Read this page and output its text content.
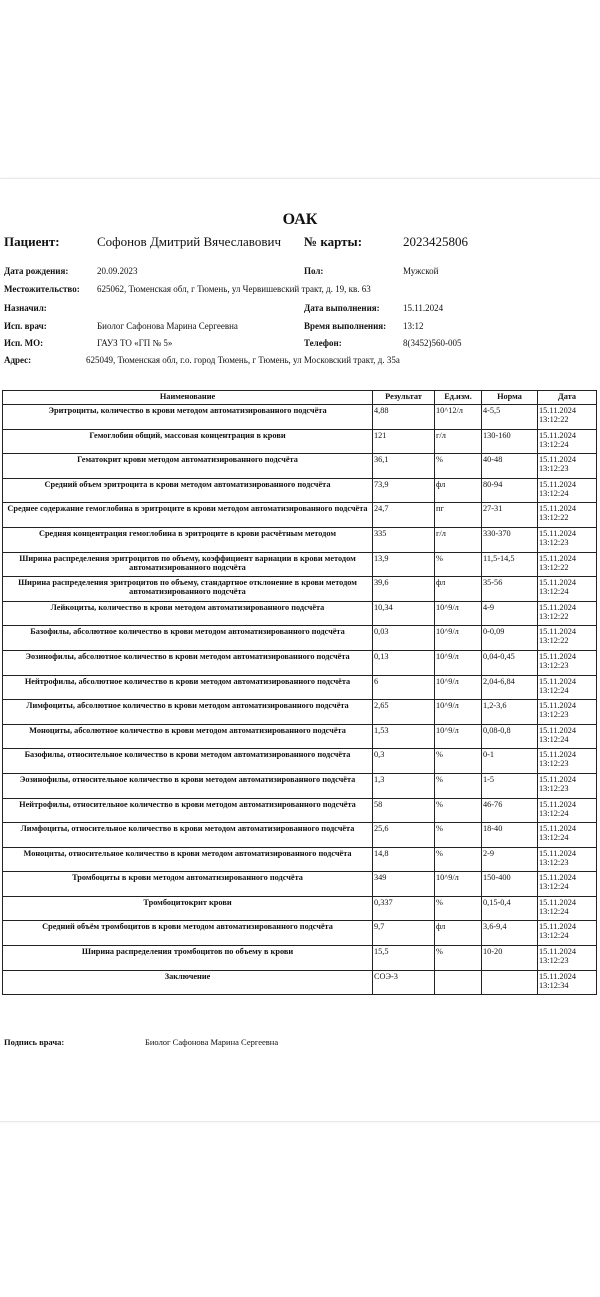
ОАК
Пациент:	Софонов Дмитрий Вячеславович № карты:	2023425806
Дата рождения:	20.09.2023	Пол:	Мужской
Местожительство: 625062, Тюменская обл, г Тюмень, ул Червишевский тракт, д. 19, кв. 63
Назначил:	Дата выполнения:	15.11.2024
Исп. врач:	Биолог Сафонова Марина Сергеевна	Время выполнения: 13:12
Исп. МО:	ГАУЗ ТО «ГП № 5»	Телефон:	8(3452)560-005
Адрес:	625049, Тюменская обл, г.о. город Тюмень, г Тюмень, ул Московский тракт, д. 35а
Наименование	Результат	Ед.изм.	Норма	Дата
Эритроциты, количество в крови методом автоматизированного подсчёта	4,88	10^12/л	4-5,5	15.11.2024
13:12:22

Гемоглобин общий, массовая концентрация в крови	121	г/л	130-160	15.11.2024
13:12:24

Гематокрит крови методом автоматизированного подсчёта	36,1	%	40-48	15.11.2024
13:12:23

Средний объем эритроцита в крови методом автоматизированного подсчёта	73,9	фл	80-94	15.11.2024
13:12:24

Среднее содержание гемоглобина в эритроците в крови методом автоматизированного подсчёта	24,7	пг	27-31	15.11.2024
13:12:22

Средняя концентрация гемоглобина в эритроците в крови расчётным методом	335	г/л	330-370	15.11.2024
13:12:23

Ширина распределения эритроцитов по объему, коэффициент вариации в крови методом автоматизированного подсчёта	13,9	%	11,5-14,5	15.11.2024
13:12:22

Ширина распределения эритроцитов по объему, стандартное отклонение в крови методом автоматизированного подсчёта	39,6	фл	35-56	15.11.2024
13:12:24

Лейкоциты, количество в крови методом автоматизированного подсчёта	10,34	10^9/л	4-9	15.11.2024
13:12:22

Базофилы, абсолютное количество в крови методом автоматизированного подсчёта	0,03	10^9/л	0-0,09	15.11.2024
13:12:22

Эозинофилы, абсолютное количество в крови методом автоматизированного подсчёта	0,13	10^9/л	0,04-0,45	15.11.2024
13:12:23

Нейтрофилы, абсолютное количество в крови методом автоматизированного подсчёта	6	10^9/л	2,04-6,84	15.11.2024
13:12:24

Лимфоциты, абсолютное количество в крови методом автоматизированного подсчёта	2,65	10^9/л	1,2-3,6	15.11.2024
13:12:23

Моноциты, абсолютное количество в крови методом автоматизированного подсчёта	1,53	10^9/л	0,08-0,8	15.11.2024
13:12:24

Базофилы, относительное количество в крови методом автоматизированного подсчёта	0,3	%	0-1	15.11.2024
13:12:23

Эозинофилы, относительное количество в крови методом автоматизированного подсчёта	1,3	%	1-5	15.11.2024
13:12:23

Нейтрофилы, относительное количество в крови методом автоматизированного подсчёта	58	%	46-76	15.11.2024
13:12:24

Лимфоциты, относительное количество в крови методом автоматизированного подсчёта	25,6	%	18-40	15.11.2024
13:12:24

Моноциты, относительное количество в крови методом автоматизированного подсчёта	14,8	%	2-9	15.11.2024
13:12:23

Тромбоциты в крови методом автоматизированного подсчёта	349	10^9/л	150-400	15.11.2024
13:12:24

Тромбоцитокрит крови	0,337	%	0,15-0,4	15.11.2024
13:12:24

Средний объём тромбоцитов в крови методом автоматизированного подсчёта	9,7	фл	3,6-9,4	15.11.2024
13:12:24

Ширина распределения тромбоцитов по объему в крови	15,5	%	10-20	15.11.2024
13:12:23

Заключение	СОЭ-3			15.11.2024
13:12:34
Подпись врача:	Биолог Сафонова Марина Сергеевна
